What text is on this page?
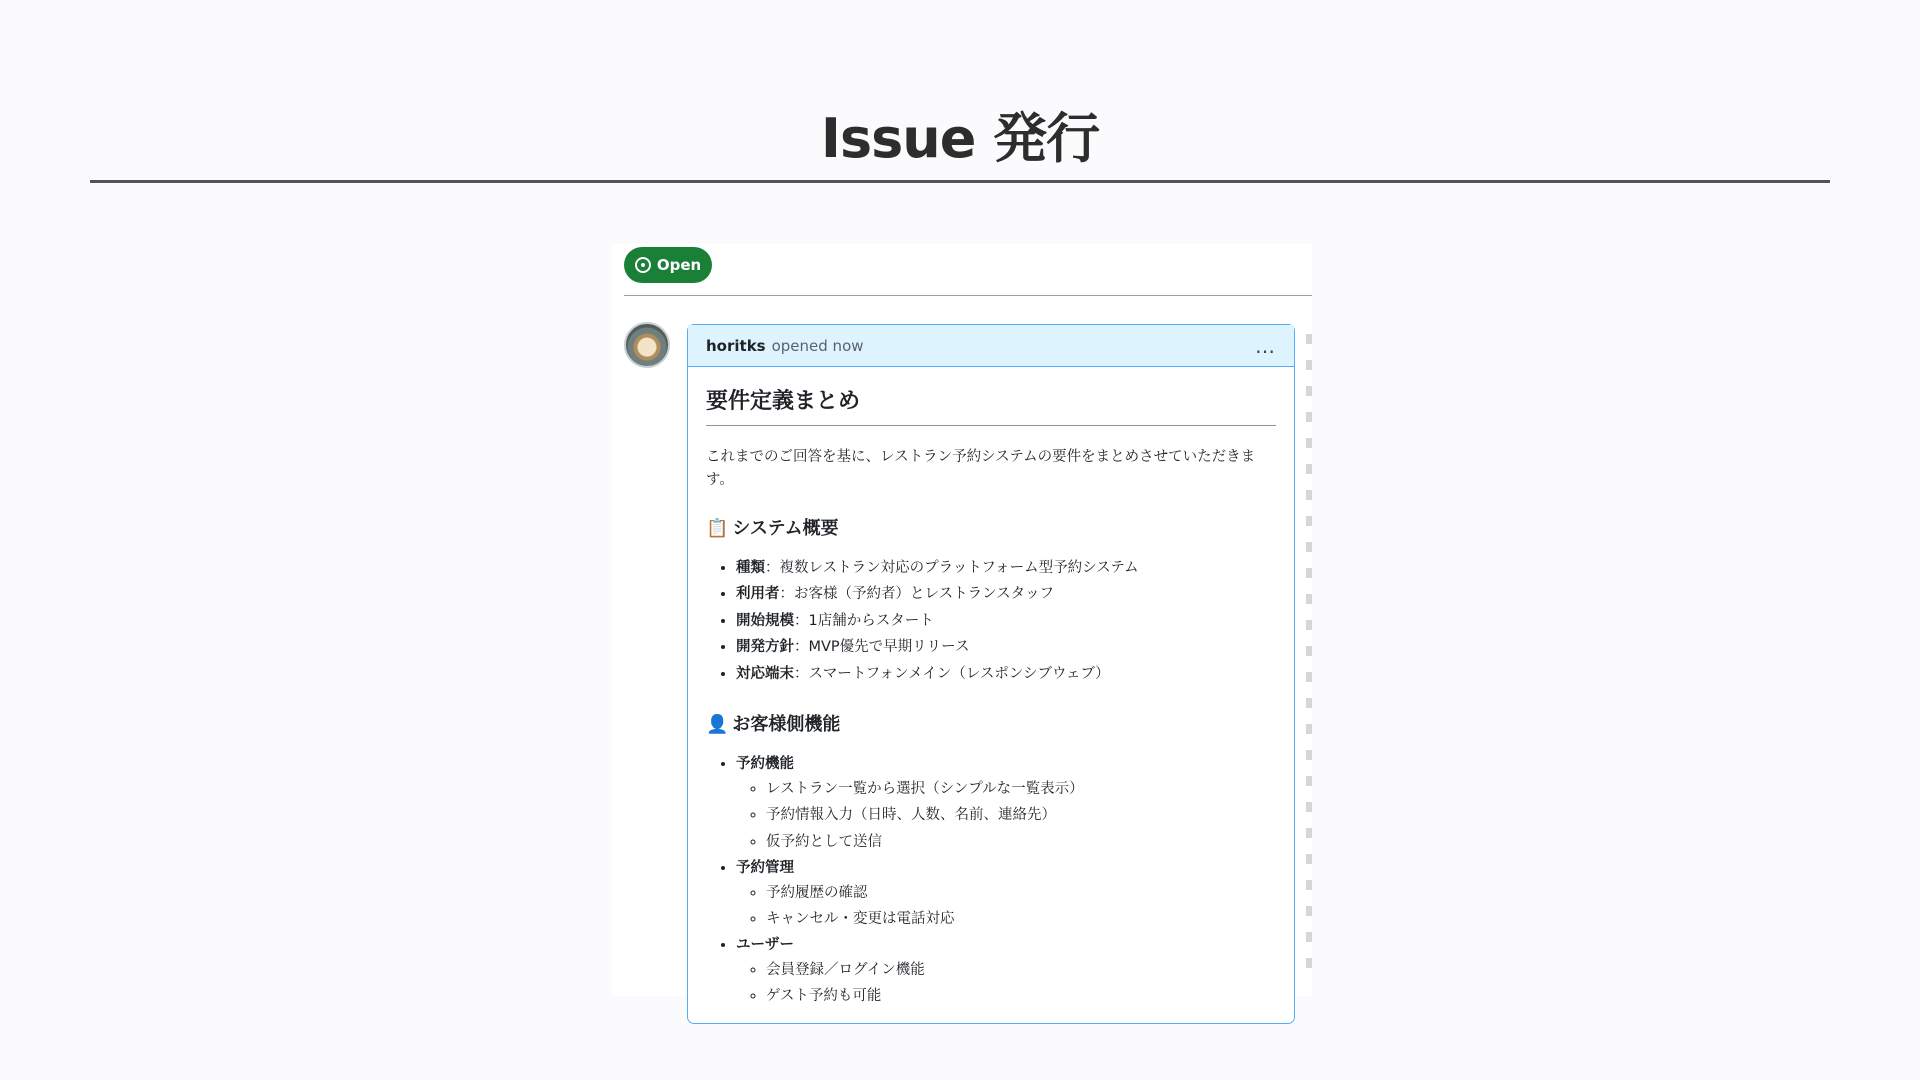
Issue 発行
Open
horitks opened now	…
要件定義まとめ

これまでのご回答を基に、レストラン予約システムの要件をまとめさせていただきます。

📋 システム概要
• 種類：複数レストラン対応のプラットフォーム型予約システム
• 利用者：お客様（予約者）とレストランスタッフ
• 開始規模：1店舗からスタート
• 開発方針：MVP優先で早期リリース
• 対応端末：スマートフォンメイン（レスポンシブウェブ）
👤 お客様側機能
• 予約機能
◦ レストラン一覧から選択（シンプルな一覧表示）
◦ 予約情報入力（日時、人数、名前、連絡先）
◦ 仮予約として送信
• 予約管理
◦ 予約履歴の確認
◦ キャンセル・変更は電話対応
• ユーザー
◦ 会員登録／ログイン機能
◦ ゲスト予約も可能
